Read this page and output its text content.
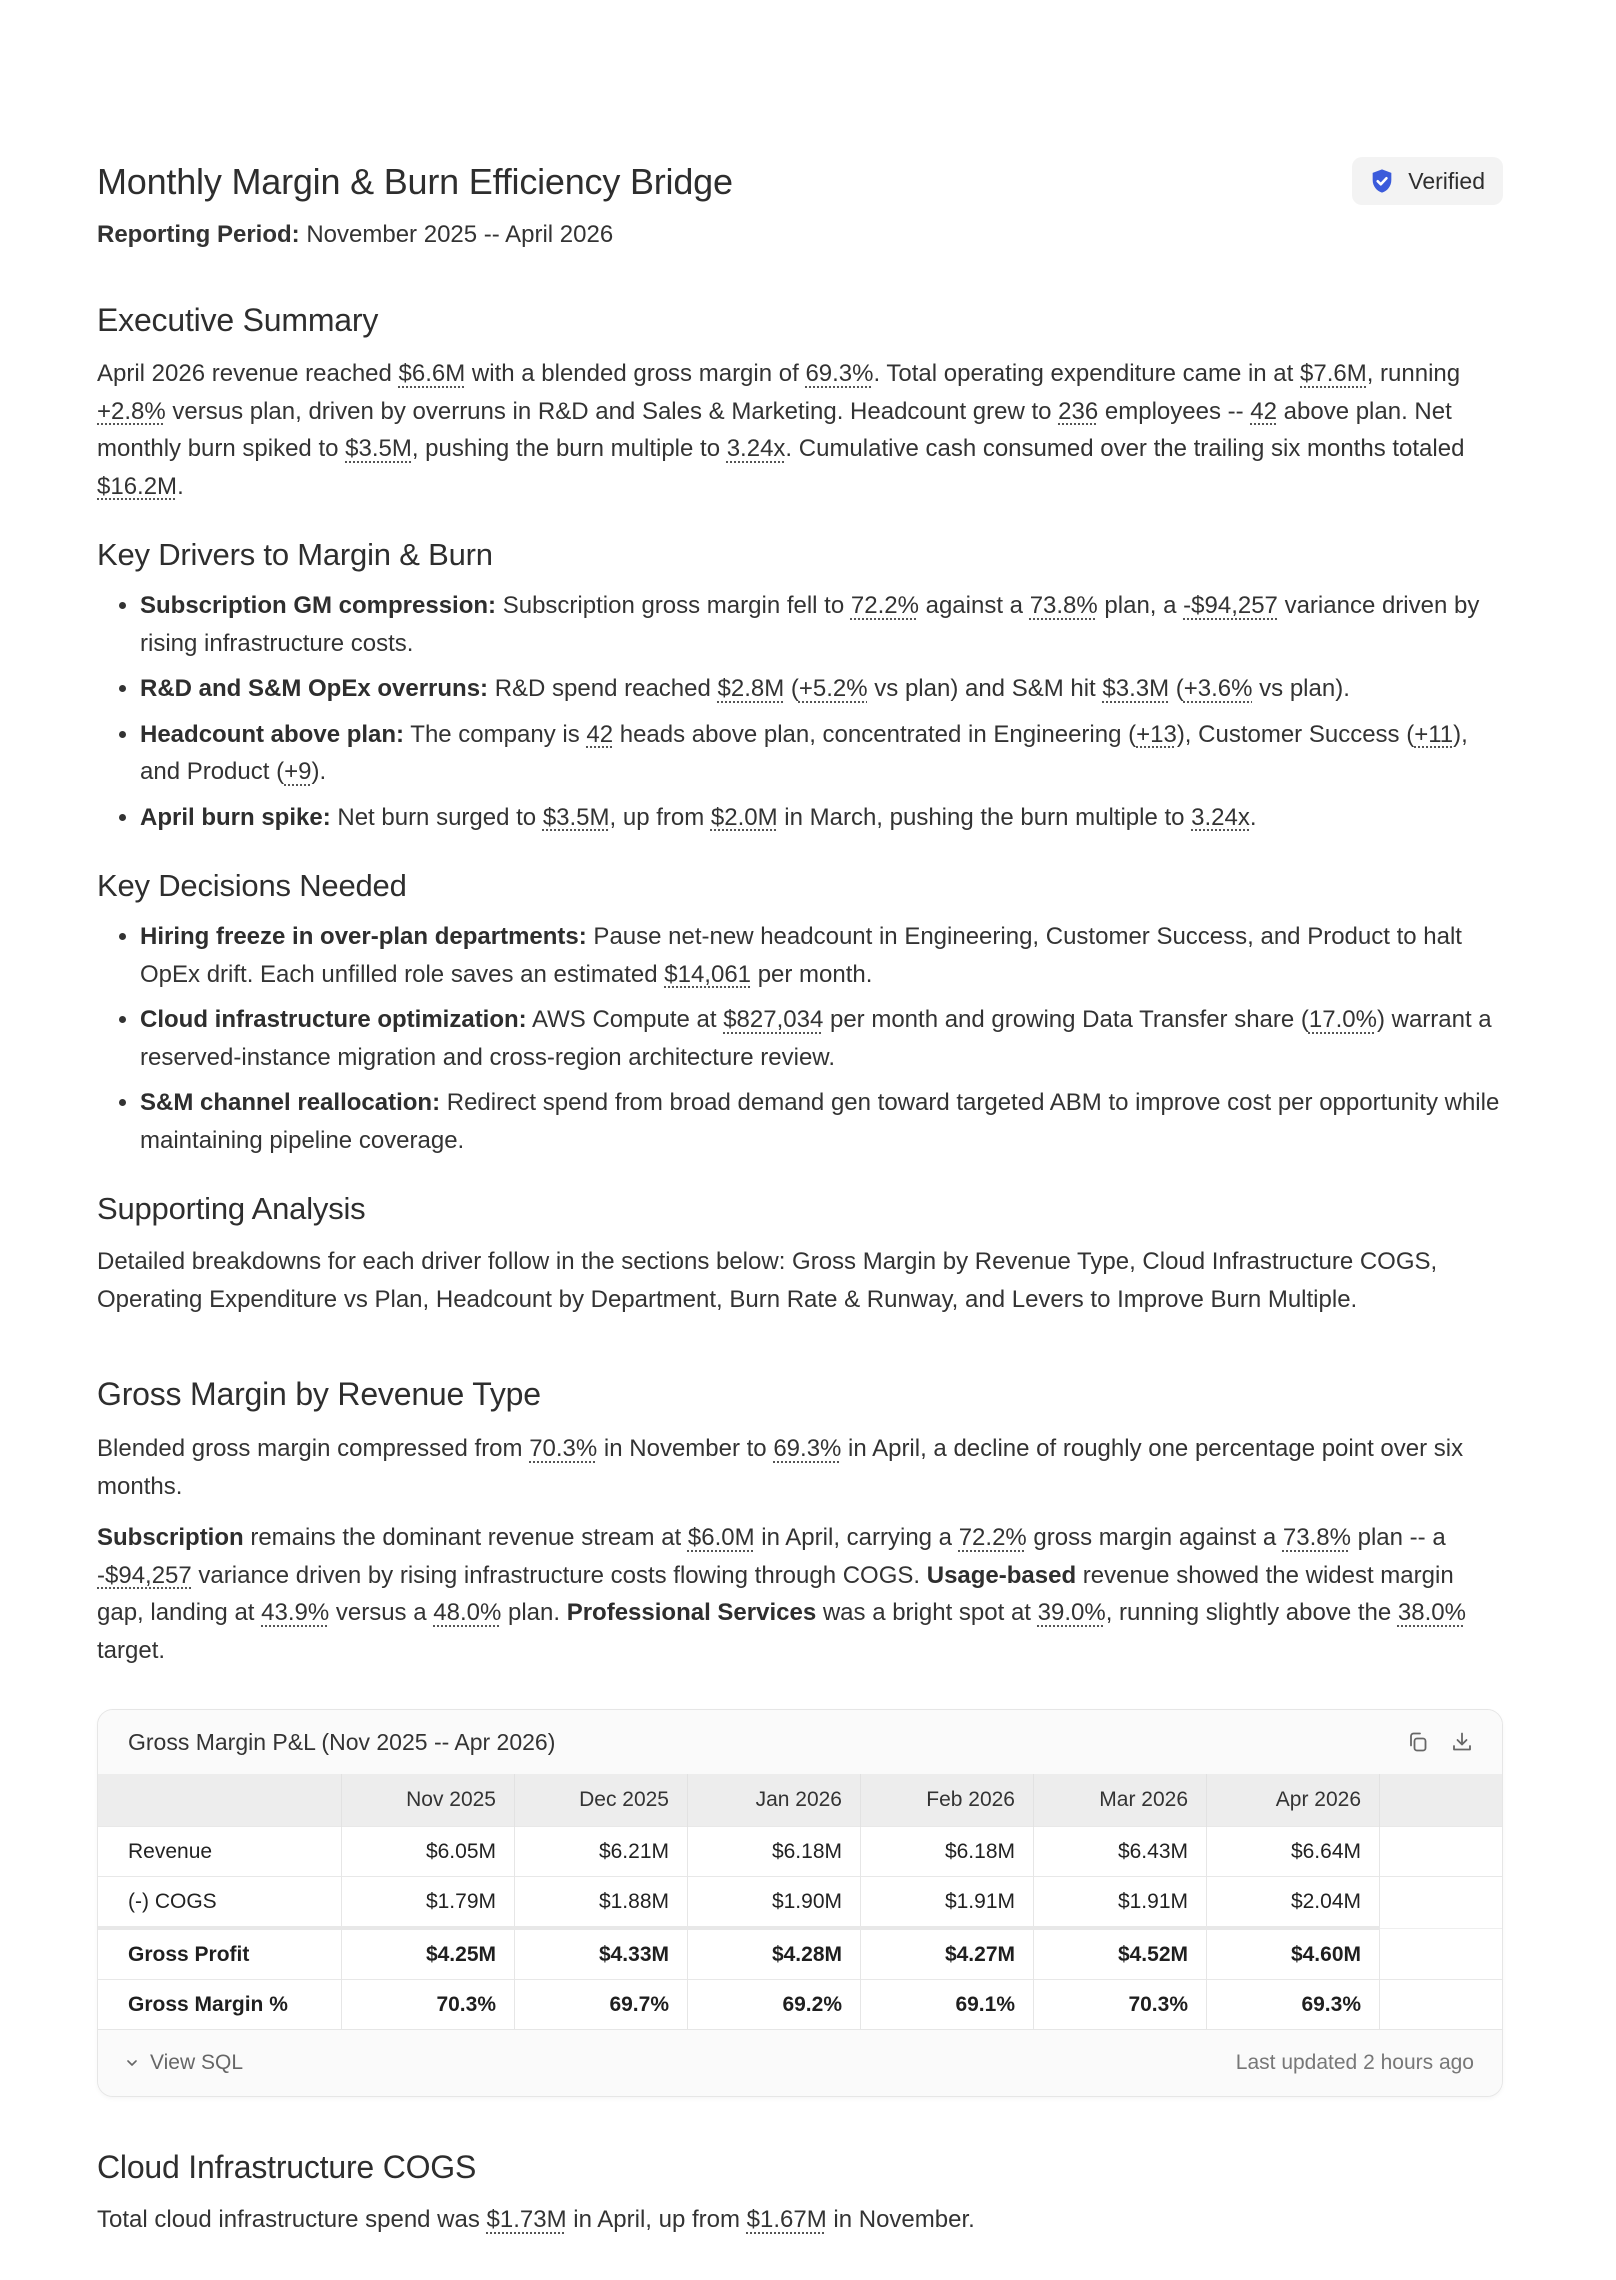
Monthly Margin & Burn Efficiency Bridge	Verified
Reporting Period: November 2025 -- April 2026
Executive Summary

April 2026 revenue reached $6.6M with a blended gross margin of 69.3%. Total operating expenditure came in at $7.6M, running +2.8% versus plan, driven by overruns in R&D and Sales & Marketing. Headcount grew to 236 employees -- 42 above plan. Net monthly burn spiked to $3.5M, pushing the burn multiple to 3.24x. Cumulative cash consumed over the trailing six months totaled $16.2M.

Key Drivers to Margin & Burn
• Subscription GM compression: Subscription gross margin fell to 72.2% against a 73.8% plan, a -$94,257 variance driven by rising infrastructure costs.
• R&D and S&M OpEx overruns: R&D spend reached $2.8M (+5.2% vs plan) and S&M hit $3.3M (+3.6% vs plan).
• Headcount above plan: The company is 42 heads above plan, concentrated in Engineering (+13), Customer Success (+11), and Product (+9).
• April burn spike: Net burn surged to $3.5M, up from $2.0M in March, pushing the burn multiple to 3.24x.
Key Decisions Needed
• Hiring freeze in over-plan departments: Pause net-new headcount in Engineering, Customer Success, and Product to halt OpEx drift. Each unfilled role saves an estimated $14,061 per month.
• Cloud infrastructure optimization: AWS Compute at $827,034 per month and growing Data Transfer share (17.0%) warrant a reserved-instance migration and cross-region architecture review.
• S&M channel reallocation: Redirect spend from broad demand gen toward targeted ABM to improve cost per opportunity while maintaining pipeline coverage.
Supporting Analysis

Detailed breakdowns for each driver follow in the sections below: Gross Margin by Revenue Type, Cloud Infrastructure COGS, Operating Expenditure vs Plan, Headcount by Department, Burn Rate & Runway, and Levers to Improve Burn Multiple.

Gross Margin by Revenue Type

Blended gross margin compressed from 70.3% in November to 69.3% in April, a decline of roughly one percentage point over six months.

Subscription remains the dominant revenue stream at $6.0M in April, carrying a 72.2% gross margin against a 73.8% plan -- a -$94,257 variance driven by rising infrastructure costs flowing through COGS. Usage-based revenue showed the widest margin gap, landing at 43.9% versus a 48.0% plan. Professional Services was a bright spot at 39.0%, running slightly above the 38.0% target.

Gross Margin P&L (Nov 2025 -- Apr 2026)
	Nov 2025	Dec 2025	Jan 2026	Feb 2026	Mar 2026	Apr 2026	
Revenue	$6.05M	$6.21M	$6.18M	$6.18M	$6.43M	$6.64M	
(-) COGS	$1.79M	$1.88M	$1.90M	$1.91M	$1.91M	$2.04M	
Gross Profit	$4.25M	$4.33M	$4.28M	$4.27M	$4.52M	$4.60M	
Gross Margin %	70.3%	69.7%	69.2%	69.1%	70.3%	69.3%	
View SQL	Last updated 2 hours ago
Cloud Infrastructure COGS

Total cloud infrastructure spend was $1.73M in April, up from $1.67M in November.
